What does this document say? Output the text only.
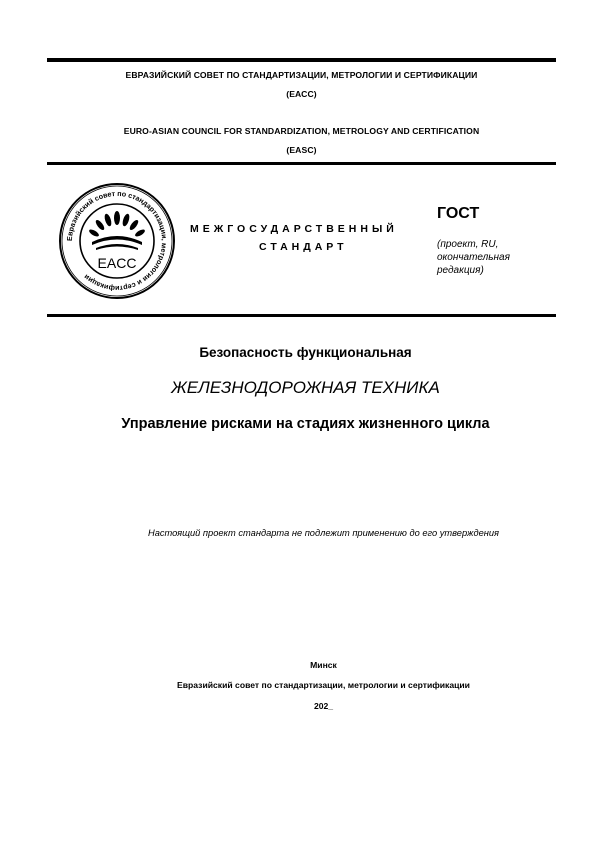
ЕВРАЗИЙСКИЙ СОВЕТ ПО СТАНДАРТИЗАЦИИ, МЕТРОЛОГИИ И СЕРТИФИКАЦИИ
(ЕАСС)
EURO-ASIAN COUNCIL FOR STANDARDIZATION, METROLOGY AND CERTIFICATION
(EASC)
Евразийский совет по стандартизации, метрологии и сертификации
EACC
МЕЖГОСУДАРСТВЕННЫЙ
СТАНДАРТ
ГОСТ
(проект, RU,
окончательная
редакция)
Безопасность функциональная
ЖЕЛЕЗНОДОРОЖНАЯ ТЕХНИКА
Управление рисками на стадиях жизненного цикла
Настоящий проект стандарта не подлежит применению до его утверждения
Минск
Евразийский совет по стандартизации, метрологии и сертификации
202_
